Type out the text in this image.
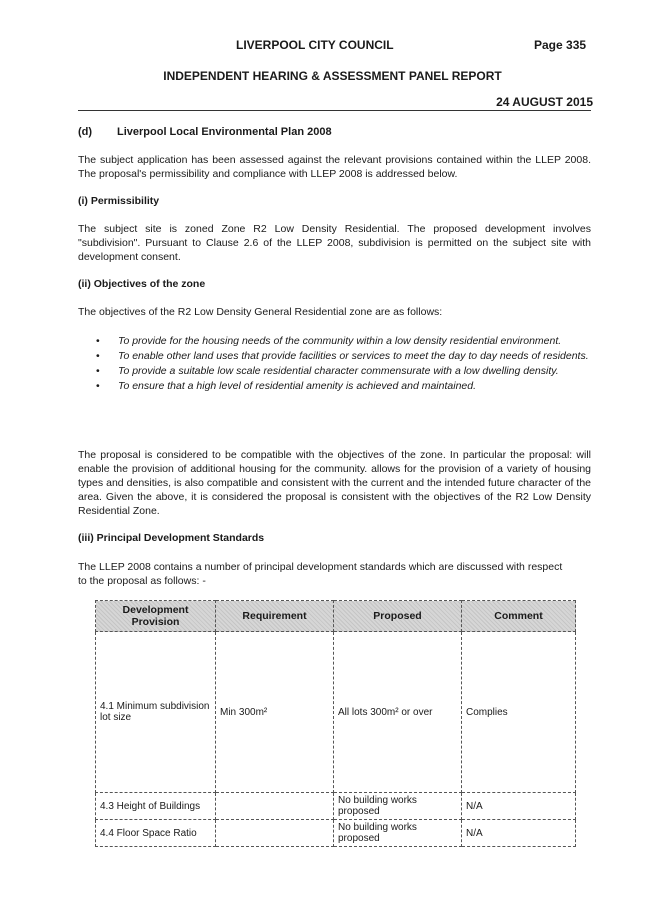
LIVERPOOL CITY COUNCIL	Page 335
INDEPENDENT HEARING & ASSESSMENT PANEL REPORT
24 AUGUST 2015
(d) Liverpool Local Environmental Plan 2008
The subject application has been assessed against the relevant provisions contained within the LLEP 2008. The proposal's permissibility and compliance with LLEP 2008 is addressed below.
(i) Permissibility
The subject site is zoned Zone R2 Low Density Residential. The proposed development involves "subdivision". Pursuant to Clause 2.6 of the LLEP 2008, subdivision is permitted on the subject site with development consent.
(ii) Objectives of the zone
The objectives of the R2 Low Density General Residential zone are as follows:
• To provide for the housing needs of the community within a low density residential environment.
• To enable other land uses that provide facilities or services to meet the day to day needs of residents.
• To provide a suitable low scale residential character commensurate with a low dwelling density.
• To ensure that a high level of residential amenity is achieved and maintained.
The proposal is considered to be compatible with the objectives of the zone. In particular the proposal: will enable the provision of additional housing for the community. allows for the provision of a variety of housing types and densities, is also compatible and consistent with the current and the intended future character of the area. Given the above, it is considered the proposal is consistent with the objectives of the R2 Low Density Residential Zone.
(iii) Principal Development Standards
The LLEP 2008 contains a number of principal development standards which are discussed with respect to the proposal as follows: -
Development Provision	Requirement	Proposed	Comment
4.1 Minimum subdivision lot size	Min 300m²	All lots 300m² or over	Complies
4.3 Height of Buildings		No building works proposed	N/A
4.4 Floor Space Ratio		No building works proposed	N/A
